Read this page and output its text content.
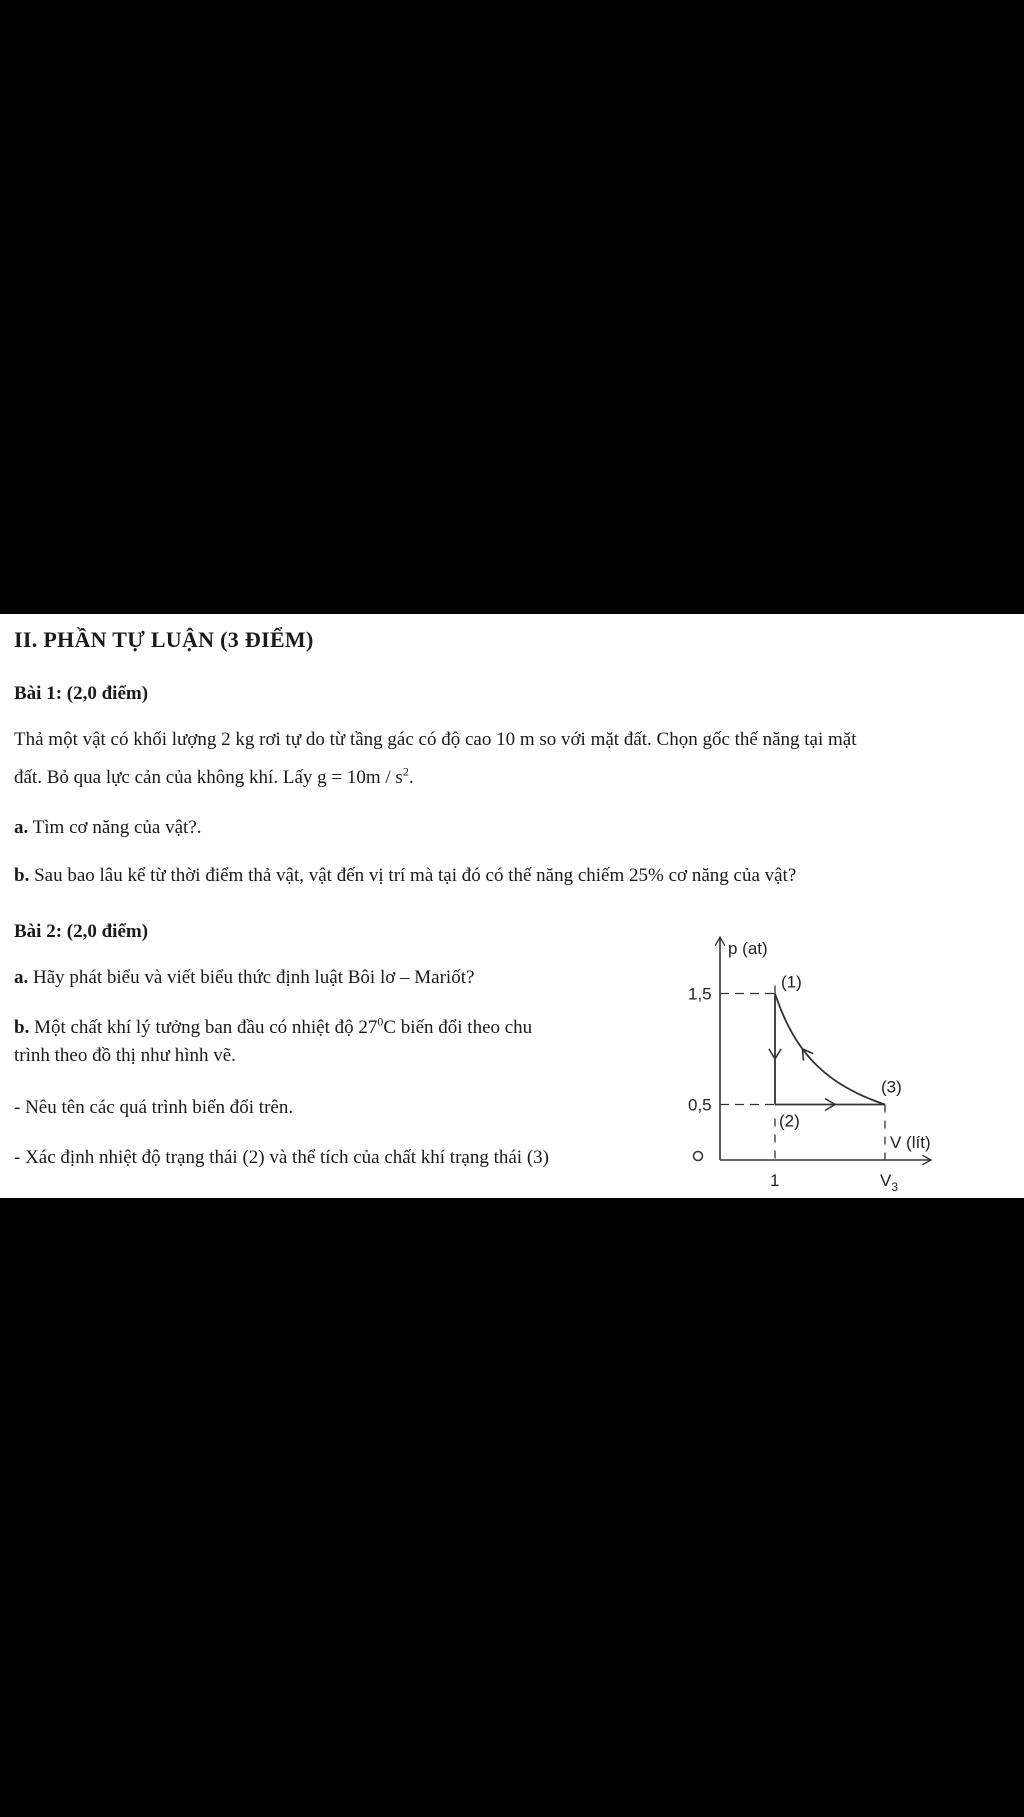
II. PHẦN TỰ LUẬN (3 ĐIỂM)
Bài 1: (2,0 điểm)
Thả một vật có khối lượng 2 kg rơi tự do từ tầng gác có độ cao 10 m so với mặt đất. Chọn gốc thế năng tại mặt
đất. Bỏ qua lực cản của không khí. Lấy $g = 10m / s^2$.
a. Tìm cơ năng của vật?.
b. Sau bao lâu kể từ thời điểm thả vật, vật đến vị trí mà tại đó có thế năng chiếm 25% cơ năng của vật?
Bài 2: (2,0 điểm)
a. Hãy phát biểu và viết biểu thức định luật Bôi lơ – Mariốt?
b. Một chất khí lý tưởng ban đầu có nhiệt độ $27^0C$ biến đổi theo chu
trình theo đồ thị như hình vẽ.
- Nêu tên các quá trình biến đổi trên.
- Xác định nhiệt độ trạng thái (2) và thể tích của chất khí trạng thái (3)
p (at)
V (lít)
1,5
0,5
1	$V_3$
(1)
(2)
(3)
